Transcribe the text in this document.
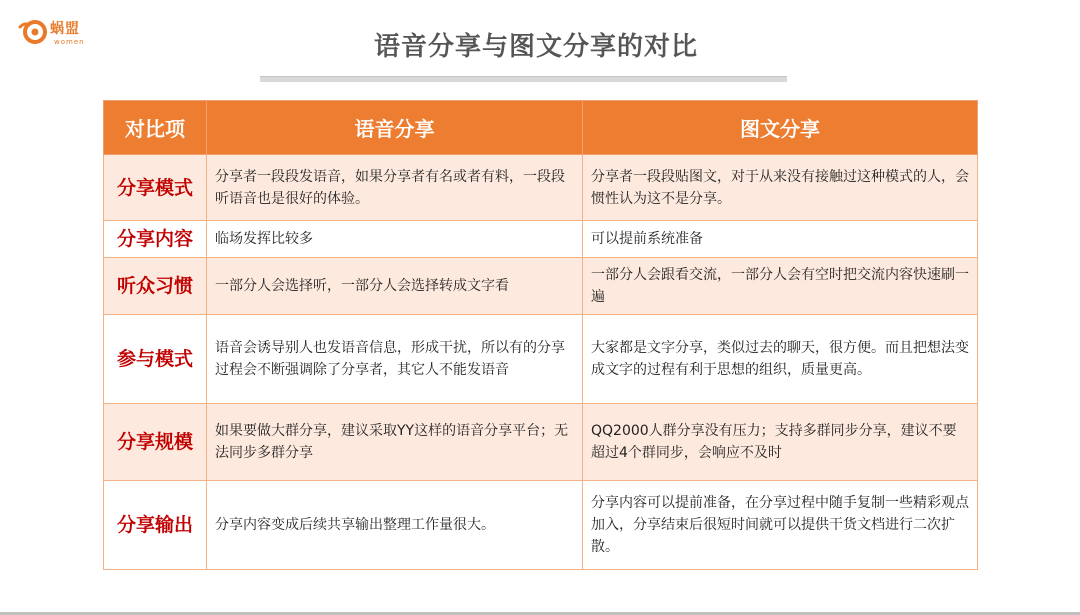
蜗盟
women	语音分享与图文分享的对比
对比项	语音分享	图文分享
分享模式	分享者一段段发语音，如果分享者有名或者有料，一段段听语音也是很好的体验。	分享者一段段贴图文，对于从来没有接触过这种模式的人，会惯性认为这不是分享。
分享内容	临场发挥比较多	可以提前系统准备
听众习惯	一部分人会选择听，一部分人会选择转成文字看	一部分人会跟看交流，一部分人会有空时把交流内容快速刷一遍
参与模式	语音会诱导别人也发语音信息，形成干扰，所以有的分享过程会不断强调除了分享者，其它人不能发语音	大家都是文字分享，类似过去的聊天，很方便。而且把想法变成文字的过程有利于思想的组织，质量更高。
分享规模	如果要做大群分享，建议采取YY这样的语音分享平台；无法同步多群分享	QQ2000人群分享没有压力；支持多群同步分享，建议不要超过4个群同步，会响应不及时
分享输出	分享内容变成后续共享输出整理工作量很大。	分享内容可以提前准备，在分享过程中随手复制一些精彩观点加入，分享结束后很短时间就可以提供干货文档进行二次扩散。
